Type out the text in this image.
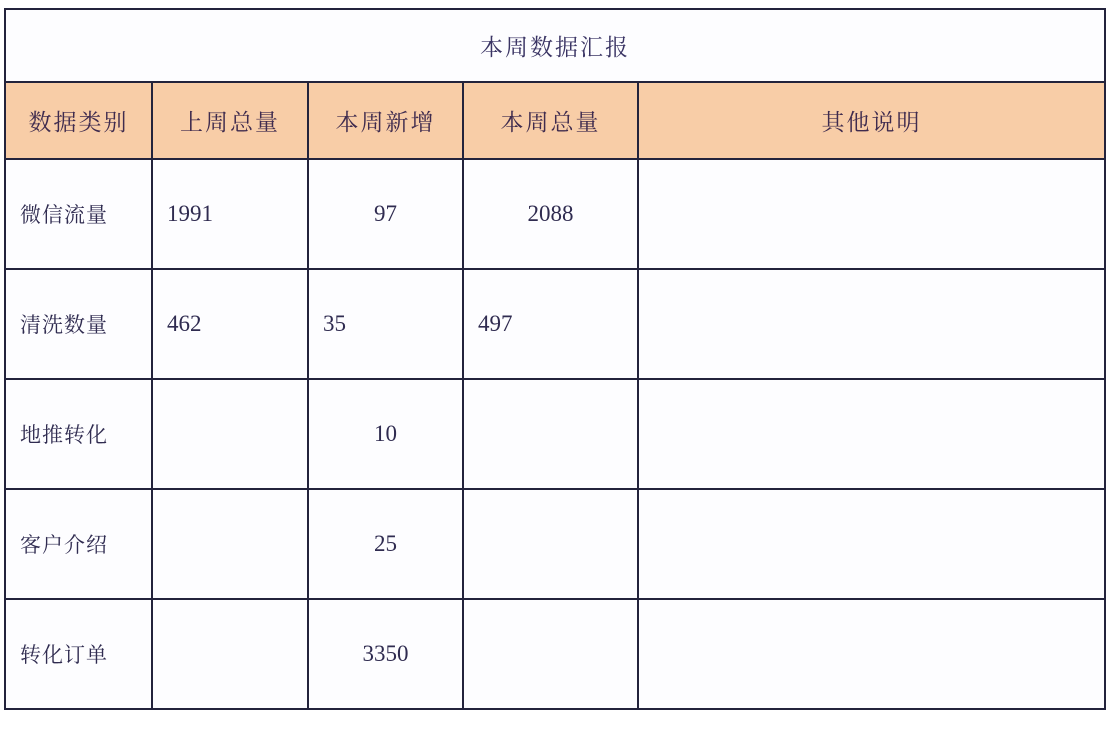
本周数据汇报				
数据类别	上周总量	本周新增	本周总量	其他说明
微信流量	1991	97	2088	
清洗数量	462	35	497	
地推转化		10		
客户介绍		25		
转化订单		3350		
